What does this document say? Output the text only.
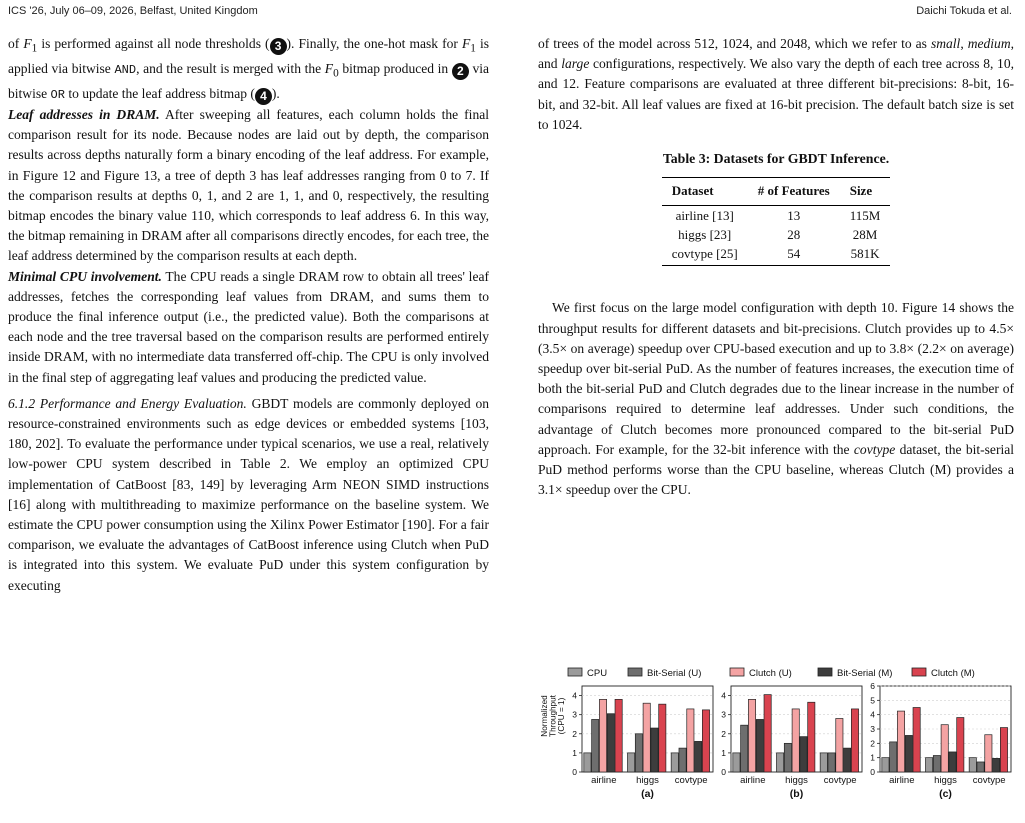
ICS '26, July 06–09, 2026, Belfast, United Kingdom	Daichi Tokuda et al.

of $F_1$ is performed against all node thresholds ( 3 ). Finally, the one-hot mask for $F_1$ is applied via bitwise AND, and the result is merged with the $F_0$ bitmap produced in 2 via bitwise OR to update the leaf address bitmap ( 4 ).

Leaf addresses in DRAM. After sweeping all features, each column holds the final comparison result for its node. Because nodes are laid out by depth, the comparison results across depths naturally form a binary encoding of the leaf address. For example, in Figure 12 and Figure 13, a tree of depth 3 has leaf addresses ranging from 0 to 7. If the comparison results at depths 0, 1, and 2 are 1, 1, and 0, respectively, the resulting bitmap encodes the binary value 110, which corresponds to leaf address 6. In this way, the bitmap remaining in DRAM after all comparisons directly encodes, for each tree, the leaf address determined by the comparison results at each depth.

Minimal CPU involvement. The CPU reads a single DRAM row to obtain all trees' leaf addresses, fetches the corresponding leaf values from DRAM, and sums them to produce the final inference output (i.e., the predicted value). Both the comparisons at each node and the tree traversal based on the comparison results are performed entirely inside DRAM, with no intermediate data transferred off-chip. The CPU is only involved in the final step of aggregating leaf values and producing the predicted value.

6.1.2 Performance and Energy Evaluation. GBDT models are commonly deployed on resource-constrained environments such as edge devices or embedded systems [103, 180, 202]. To evaluate the performance under typical scenarios, we use a real, relatively low-power CPU system described in Table 2. We employ an optimized CPU implementation of CatBoost [83, 149] by leveraging Arm NEON SIMD instructions [16] along with multithreading to maximize performance on the baseline system. We estimate the CPU power consumption using the Xilinx Power Estimator [190]. For a fair comparison, we evaluate the advantages of CatBoost inference using Clutch when PuD is integrated into this system. We evaluate PuD under this system configuration by executing

of trees of the model across 512, 1024, and 2048, which we refer to as small, medium, and large configurations, respectively. We also vary the depth of each tree across 8, 10, and 12. Feature comparisons are evaluated at three different bit-precisions: 8-bit, 16-bit, and 32-bit. All leaf values are fixed at 16-bit precision. The default batch size is set to 1024.

Table 3: Datasets for GBDT Inference.
Dataset	# of Features	Size
airline [13]	13	115M
higgs [23]	28	28M
covtype [25]	54	581K

We first focus on the large model configuration with depth 10. Figure 14 shows the throughput results for different datasets and bit-precisions. Clutch provides up to 4.5× (3.5× on average) speedup over CPU-based execution and up to 3.8× (2.2× on average) speedup over bit-serial PuD. As the number of features increases, the execution time of both the bit-serial PuD and Clutch degrades due to the linear increase in the number of comparisons required to determine leaf addresses. Under such conditions, the advantage of Clutch becomes more pronounced compared to the bit-serial PuD approach. For example, for the 32-bit inference with the covtype dataset, the bit-serial PuD method performs worse than the CPU baseline, whereas Clutch (M) provides a 3.1× speedup over the CPU.

CPU	Bit-Serial (U)	Clutch (U)	Bit-Serial (M)	Clutch (M)
Normalized Throughput (CPU = 1)
0
1
2
3
4
airline higgs covtype
(a)
0
1
2
3
4
airline higgs covtype
(b)
0
1
2
3
4
5
6
airline higgs covtype
(c)
